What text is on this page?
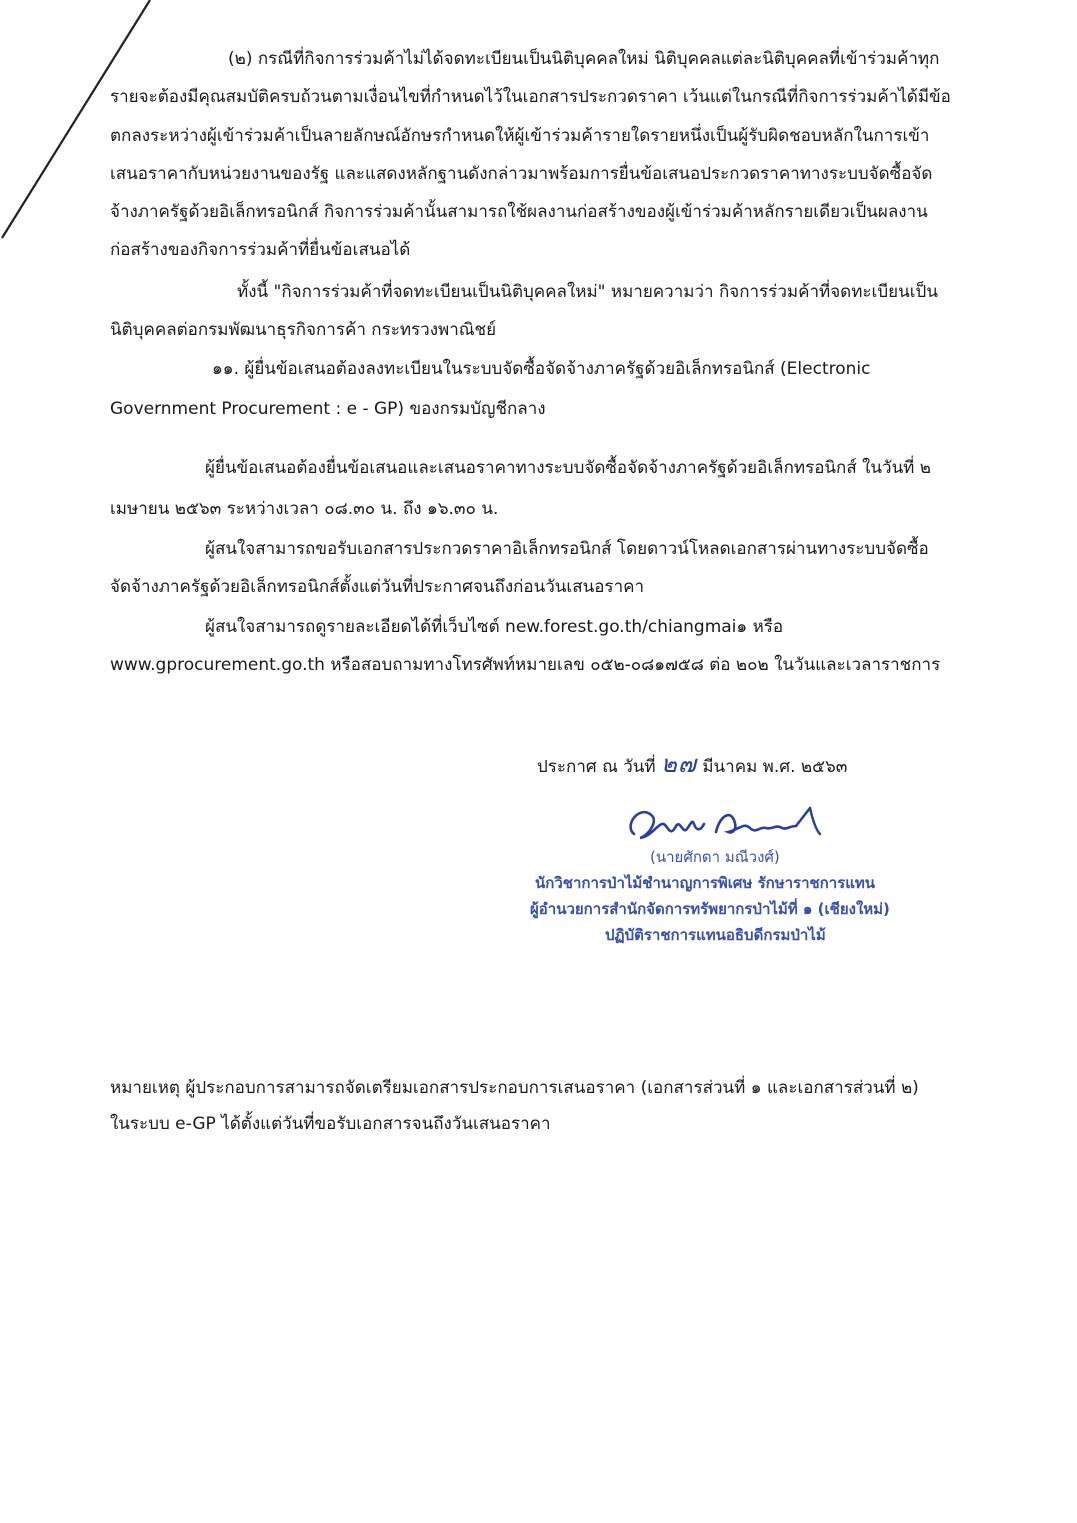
(๒) กรณีที่กิจการร่วมค้าไม่ได้จดทะเบียนเป็นนิติบุคคลใหม่ นิติบุคคลแต่ละนิติบุคคลที่เข้าร่วมค้าทุก
รายจะต้องมีคุณสมบัติครบถ้วนตามเงื่อนไขที่กำหนดไว้ในเอกสารประกวดราคา เว้นแต่ในกรณีที่กิจการร่วมค้าได้มีข้อ
ตกลงระหว่างผู้เข้าร่วมค้าเป็นลายลักษณ์อักษรกำหนดให้ผู้เข้าร่วมค้ารายใดรายหนึ่งเป็นผู้รับผิดชอบหลักในการเข้า
เสนอราคากับหน่วยงานของรัฐ และแสดงหลักฐานดังกล่าวมาพร้อมการยื่นข้อเสนอประกวดราคาทางระบบจัดซื้อจัด
จ้างภาครัฐด้วยอิเล็กทรอนิกส์ กิจการร่วมค้านั้นสามารถใช้ผลงานก่อสร้างของผู้เข้าร่วมค้าหลักรายเดียวเป็นผลงาน
ก่อสร้างของกิจการร่วมค้าที่ยื่นข้อเสนอได้
ทั้งนี้ "กิจการร่วมค้าที่จดทะเบียนเป็นนิติบุคคลใหม่" หมายความว่า กิจการร่วมค้าที่จดทะเบียนเป็น
นิติบุคคลต่อกรมพัฒนาธุรกิจการค้า กระทรวงพาณิชย์
๑๑. ผู้ยื่นข้อเสนอต้องลงทะเบียนในระบบจัดซื้อจัดจ้างภาครัฐด้วยอิเล็กทรอนิกส์ (Electronic
Government Procurement : e - GP) ของกรมบัญชีกลาง
ผู้ยื่นข้อเสนอต้องยื่นข้อเสนอและเสนอราคาทางระบบจัดซื้อจัดจ้างภาครัฐด้วยอิเล็กทรอนิกส์ ในวันที่ ๒
เมษายน ๒๕๖๓ ระหว่างเวลา ๐๘.๓๐ น. ถึง ๑๖.๓๐ น.
ผู้สนใจสามารถขอรับเอกสารประกวดราคาอิเล็กทรอนิกส์ โดยดาวน์โหลดเอกสารผ่านทางระบบจัดซื้อ
จัดจ้างภาครัฐด้วยอิเล็กทรอนิกส์ตั้งแต่วันที่ประกาศจนถึงก่อนวันเสนอราคา
ผู้สนใจสามารถดูรายละเอียดได้ที่เว็บไซต์ new.forest.go.th/chiangmai๑ หรือ
www.gprocurement.go.th หรือสอบถามทางโทรศัพท์หมายเลข ๐๕๒-๐๘๑๗๕๘ ต่อ ๒๐๒ ในวันและเวลาราชการ
ประกาศ ณ วันที่ ๒๗ มีนาคม พ.ศ. ๒๕๖๓
(นายศักดา มณีวงศ์)
นักวิชาการป่าไม้ชำนาญการพิเศษ รักษาราชการแทน
ผู้อำนวยการสำนักจัดการทรัพยากรป่าไม้ที่ ๑ (เชียงใหม่)
ปฏิบัติราชการแทนอธิบดีกรมป่าไม้
หมายเหตุ ผู้ประกอบการสามารถจัดเตรียมเอกสารประกอบการเสนอราคา (เอกสารส่วนที่ ๑ และเอกสารส่วนที่ ๒)
ในระบบ e-GP ได้ตั้งแต่วันที่ขอรับเอกสารจนถึงวันเสนอราคา
